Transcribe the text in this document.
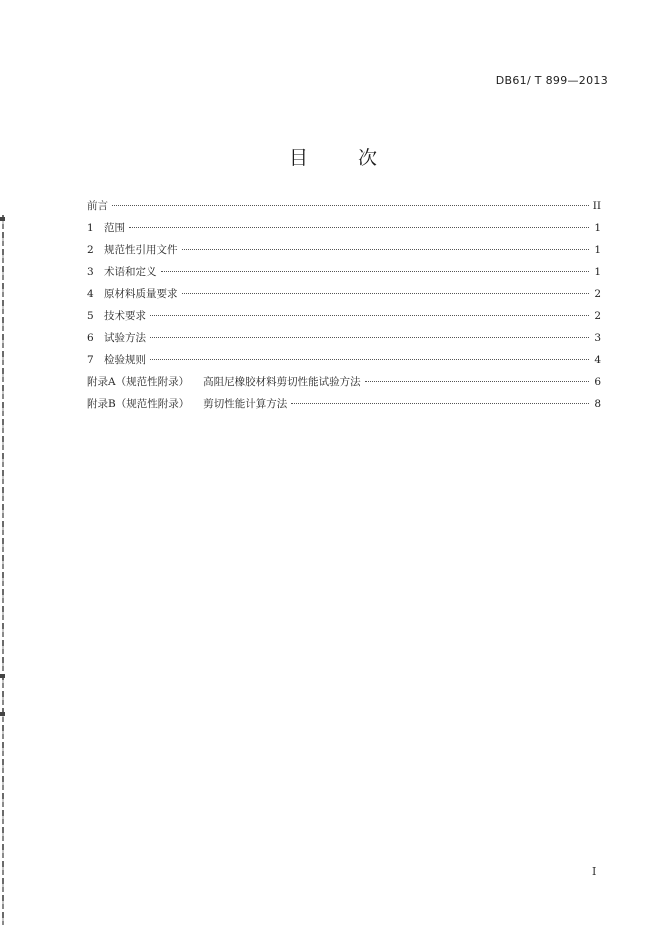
DB61/ T 899—2013
目 次
前言	II
1 范围	1
2 规范性引用文件	1
3 术语和定义	1
4 原材料质量要求	2
5 技术要求	2
6 试验方法	3
7 检验规则	4
附录A（规范性附录） 高阻尼橡胶材料剪切性能试验方法	6
附录B（规范性附录） 剪切性能计算方法	8
I
